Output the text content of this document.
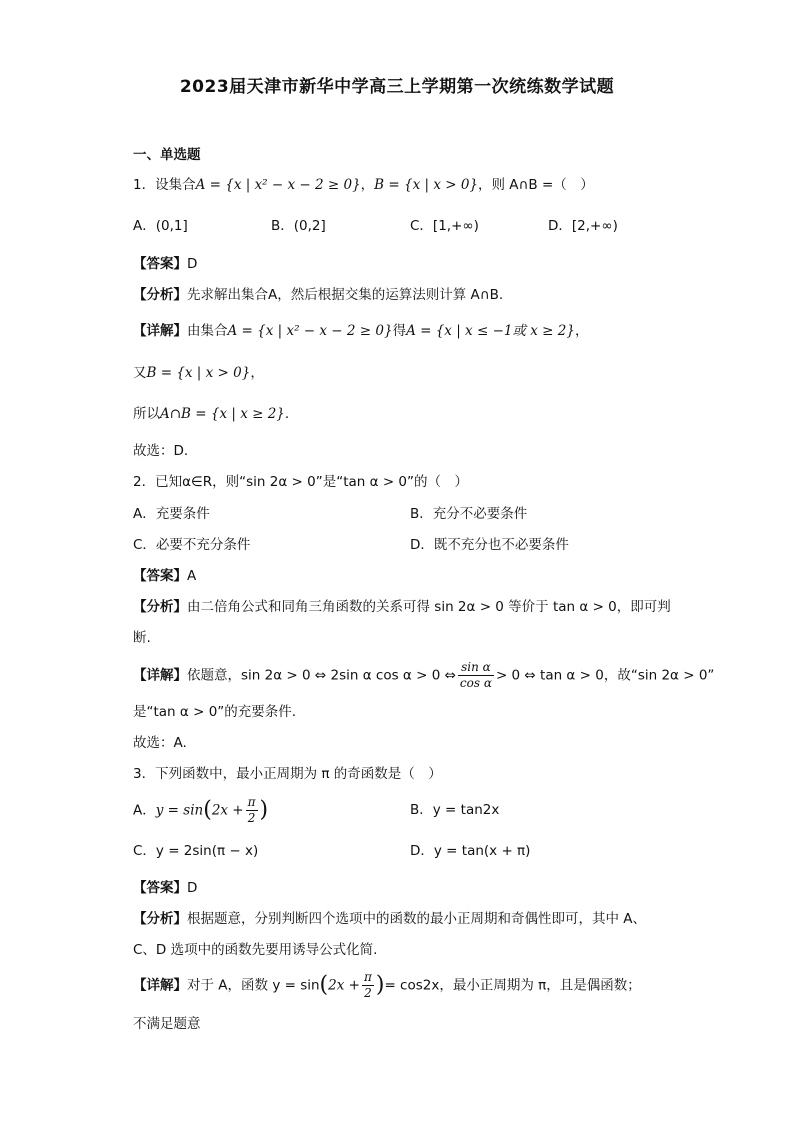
2023届天津市新华中学高三上学期第一次统练数学试题
一、单选题
1．设集合A = {x | x² − x − 2 ≥ 0}，B = {x | x > 0}，则 A∩B =（　）
A．(0,1]	B．(0,2]	C．[1,+∞)	D．[2,+∞)
【答案】D
【分析】先求解出集合A，然后根据交集的运算法则计算 A∩B.
【详解】由集合A = {x | x² − x − 2 ≥ 0}得A = {x | x ≤ −1或 x ≥ 2}，
又B = {x | x > 0}，
所以A∩B = {x | x ≥ 2}.
故选：D.
2．已知α∈R，则“sin 2α > 0”是“tan α > 0”的（　）
A．充要条件	B．充分不必要条件
C．必要不充分条件	D．既不充分也不必要条件
【答案】A
【分析】由二倍角公式和同角三角函数的关系可得 sin 2α > 0 等价于 tan α > 0，即可判
断.
【详解】依题意，sin 2α > 0 ⇔ 2sin α cos α > 0 ⇔ $\frac{\text{sin α}}{\text{cos α}} > 0$ ⇔ tan α > 0，故“sin 2α > 0”
是“tan α > 0”的充要条件.
故选：A.
3．下列函数中，最小正周期为 π 的奇函数是（　）
A．$y = \sin(2x + \frac{\pi}{2}$ )	B．y = tan2x
C．y = 2sin(π − x)	D．y = tan(x + π)
【答案】D
【分析】根据题意，分别判断四个选项中的函数的最小正周期和奇偶性即可，其中 A、
C、D 选项中的函数先要用诱导公式化简.
【详解】对于 A，函数 $y = \sin(2x + \frac{\pi}{2}$ )= cos2x，最小正周期为 π，且是偶函数；
不满足题意
